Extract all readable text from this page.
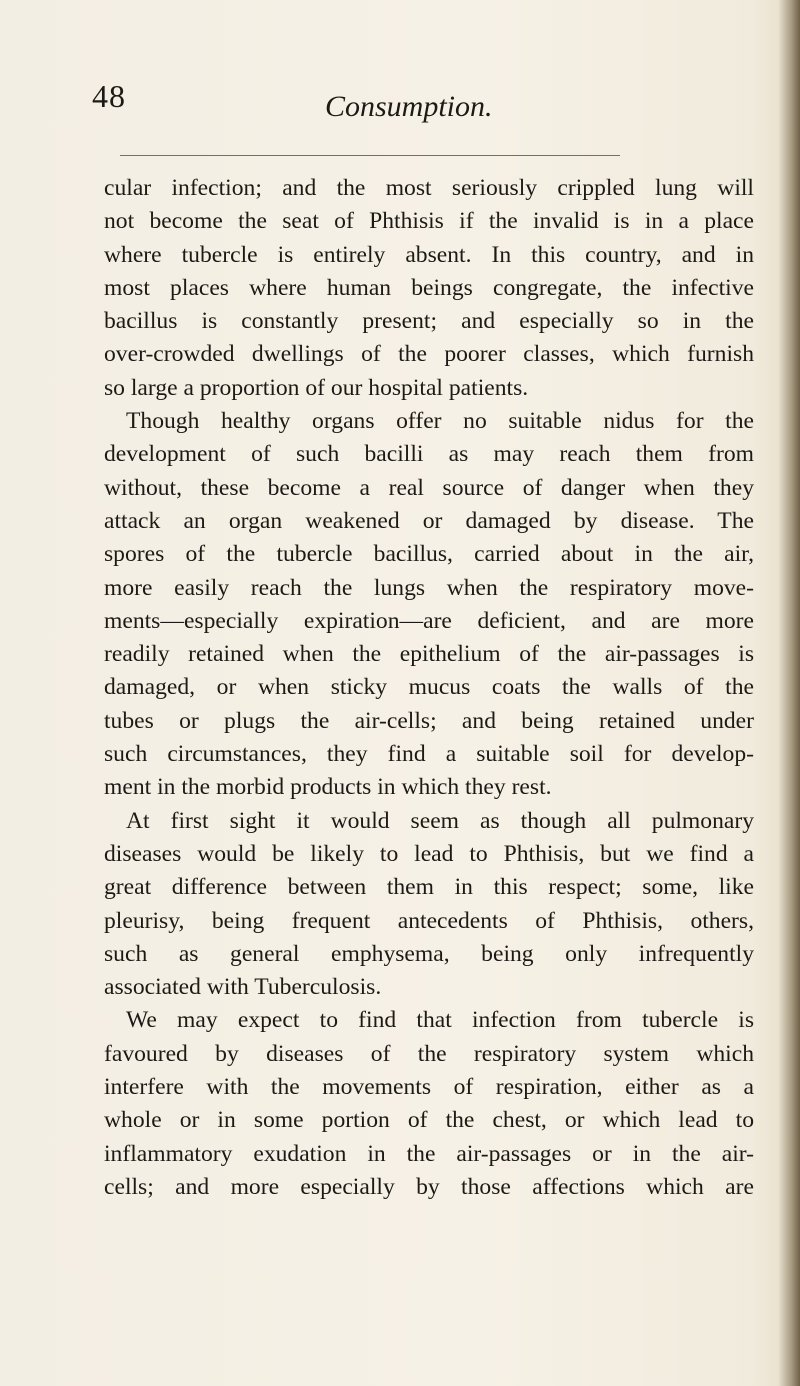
48	Consumption.
cular infection; and the most seriously crippled lung will
not become the seat of Phthisis if the invalid is in a place
where tubercle is entirely absent. In this country, and in
most places where human beings congregate, the infective
bacillus is constantly present; and especially so in the
over-crowded dwellings of the poorer classes, which furnish
so large a proportion of our hospital patients.
Though healthy organs offer no suitable nidus for the
development of such bacilli as may reach them from
without, these become a real source of danger when they
attack an organ weakened or damaged by disease. The
spores of the tubercle bacillus, carried about in the air,
more easily reach the lungs when the respiratory move-
ments—especially expiration—are deficient, and are more
readily retained when the epithelium of the air-passages is
damaged, or when sticky mucus coats the walls of the
tubes or plugs the air-cells; and being retained under
such circumstances, they find a suitable soil for develop-
ment in the morbid products in which they rest.
At first sight it would seem as though all pulmonary
diseases would be likely to lead to Phthisis, but we find a
great difference between them in this respect; some, like
pleurisy, being frequent antecedents of Phthisis, others,
such as general emphysema, being only infrequently
associated with Tuberculosis.
We may expect to find that infection from tubercle is
favoured by diseases of the respiratory system which
interfere with the movements of respiration, either as a
whole or in some portion of the chest, or which lead to
inflammatory exudation in the air-passages or in the air-
cells; and more especially by those affections which are
